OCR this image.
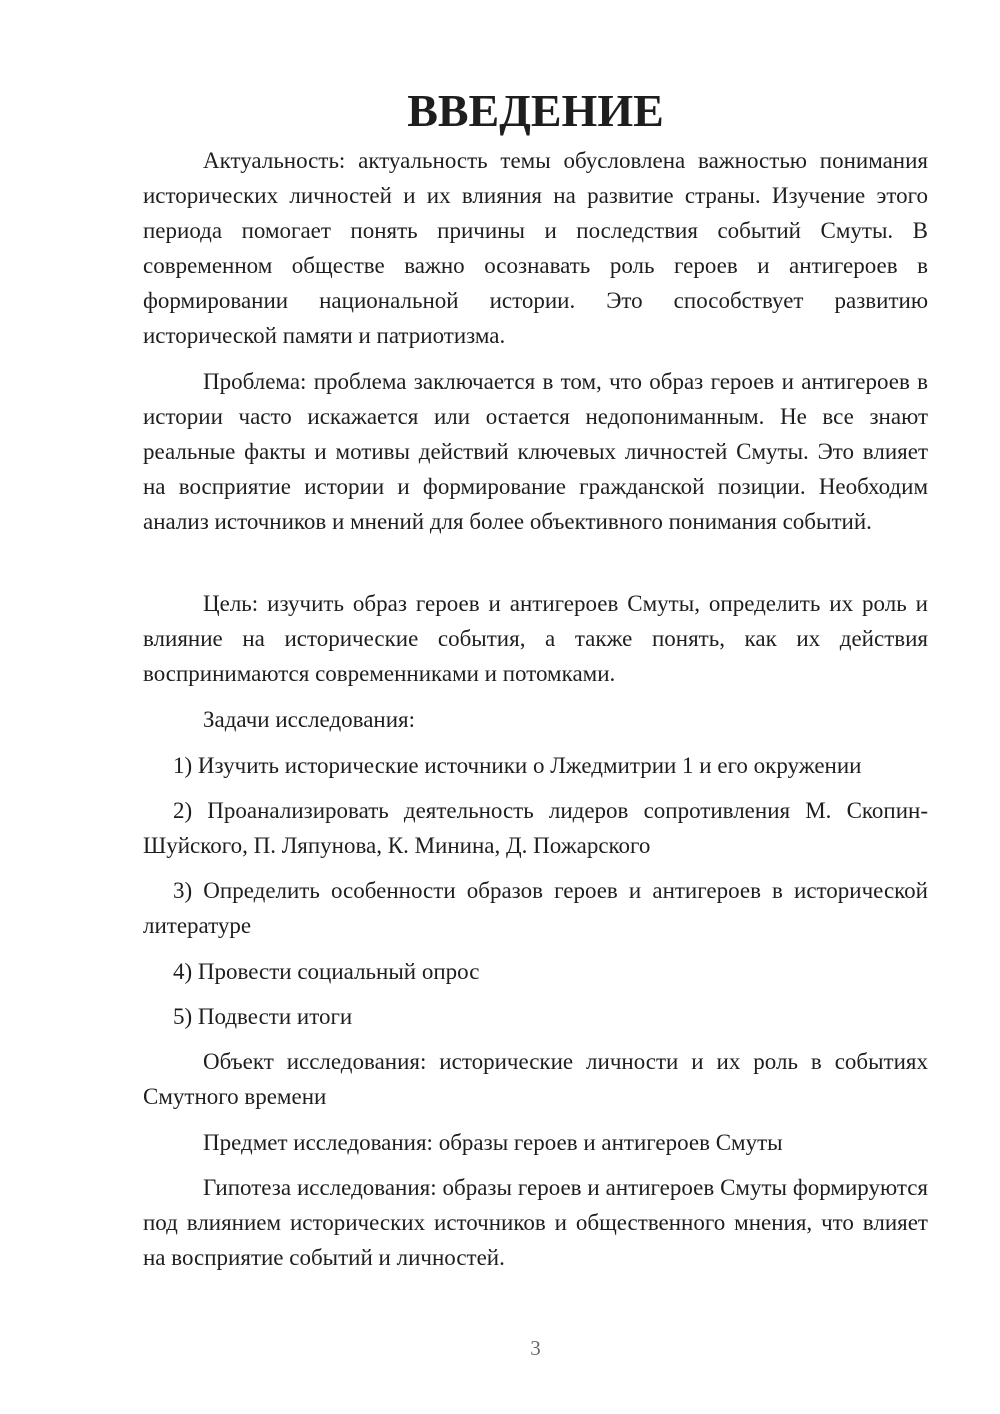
ВВЕДЕНИЕ

Актуальность: актуальность темы обусловлена важностью понимания исторических личностей и их влияния на развитие страны. Изучение этого периода помогает понять причины и последствия событий Смуты. В современном обществе важно осознавать роль героев и антигероев в формировании национальной истории. Это способствует развитию исторической памяти и патриотизма.

Проблема: проблема заключается в том, что образ героев и антигероев в истории часто искажается или остается недопониманным. Не все знают реальные факты и мотивы действий ключевых личностей Смуты. Это влияет на восприятие истории и формирование гражданской позиции. Необходим анализ источников и мнений для более объективного понимания событий.

Цель: изучить образ героев и антигероев Смуты, определить их роль и влияние на исторические события, а также понять, как их действия воспринимаются современниками и потомками.

Задачи исследования:

1) Изучить исторические источники о Лжедмитрии 1 и его окружении

2) Проанализировать деятельность лидеров сопротивления М. Скопин-Шуйского, П. Ляпунова, К. Минина, Д. Пожарского

3) Определить особенности образов героев и антигероев в исторической литературе

4) Провести социальный опрос

5) Подвести итоги

Объект исследования: исторические личности и их роль в событиях Смутного времени

Предмет исследования: образы героев и антигероев Смуты

Гипотеза исследования: образы героев и антигероев Смуты формируются под влиянием исторических источников и общественного мнения, что влияет на восприятие событий и личностей.

3
